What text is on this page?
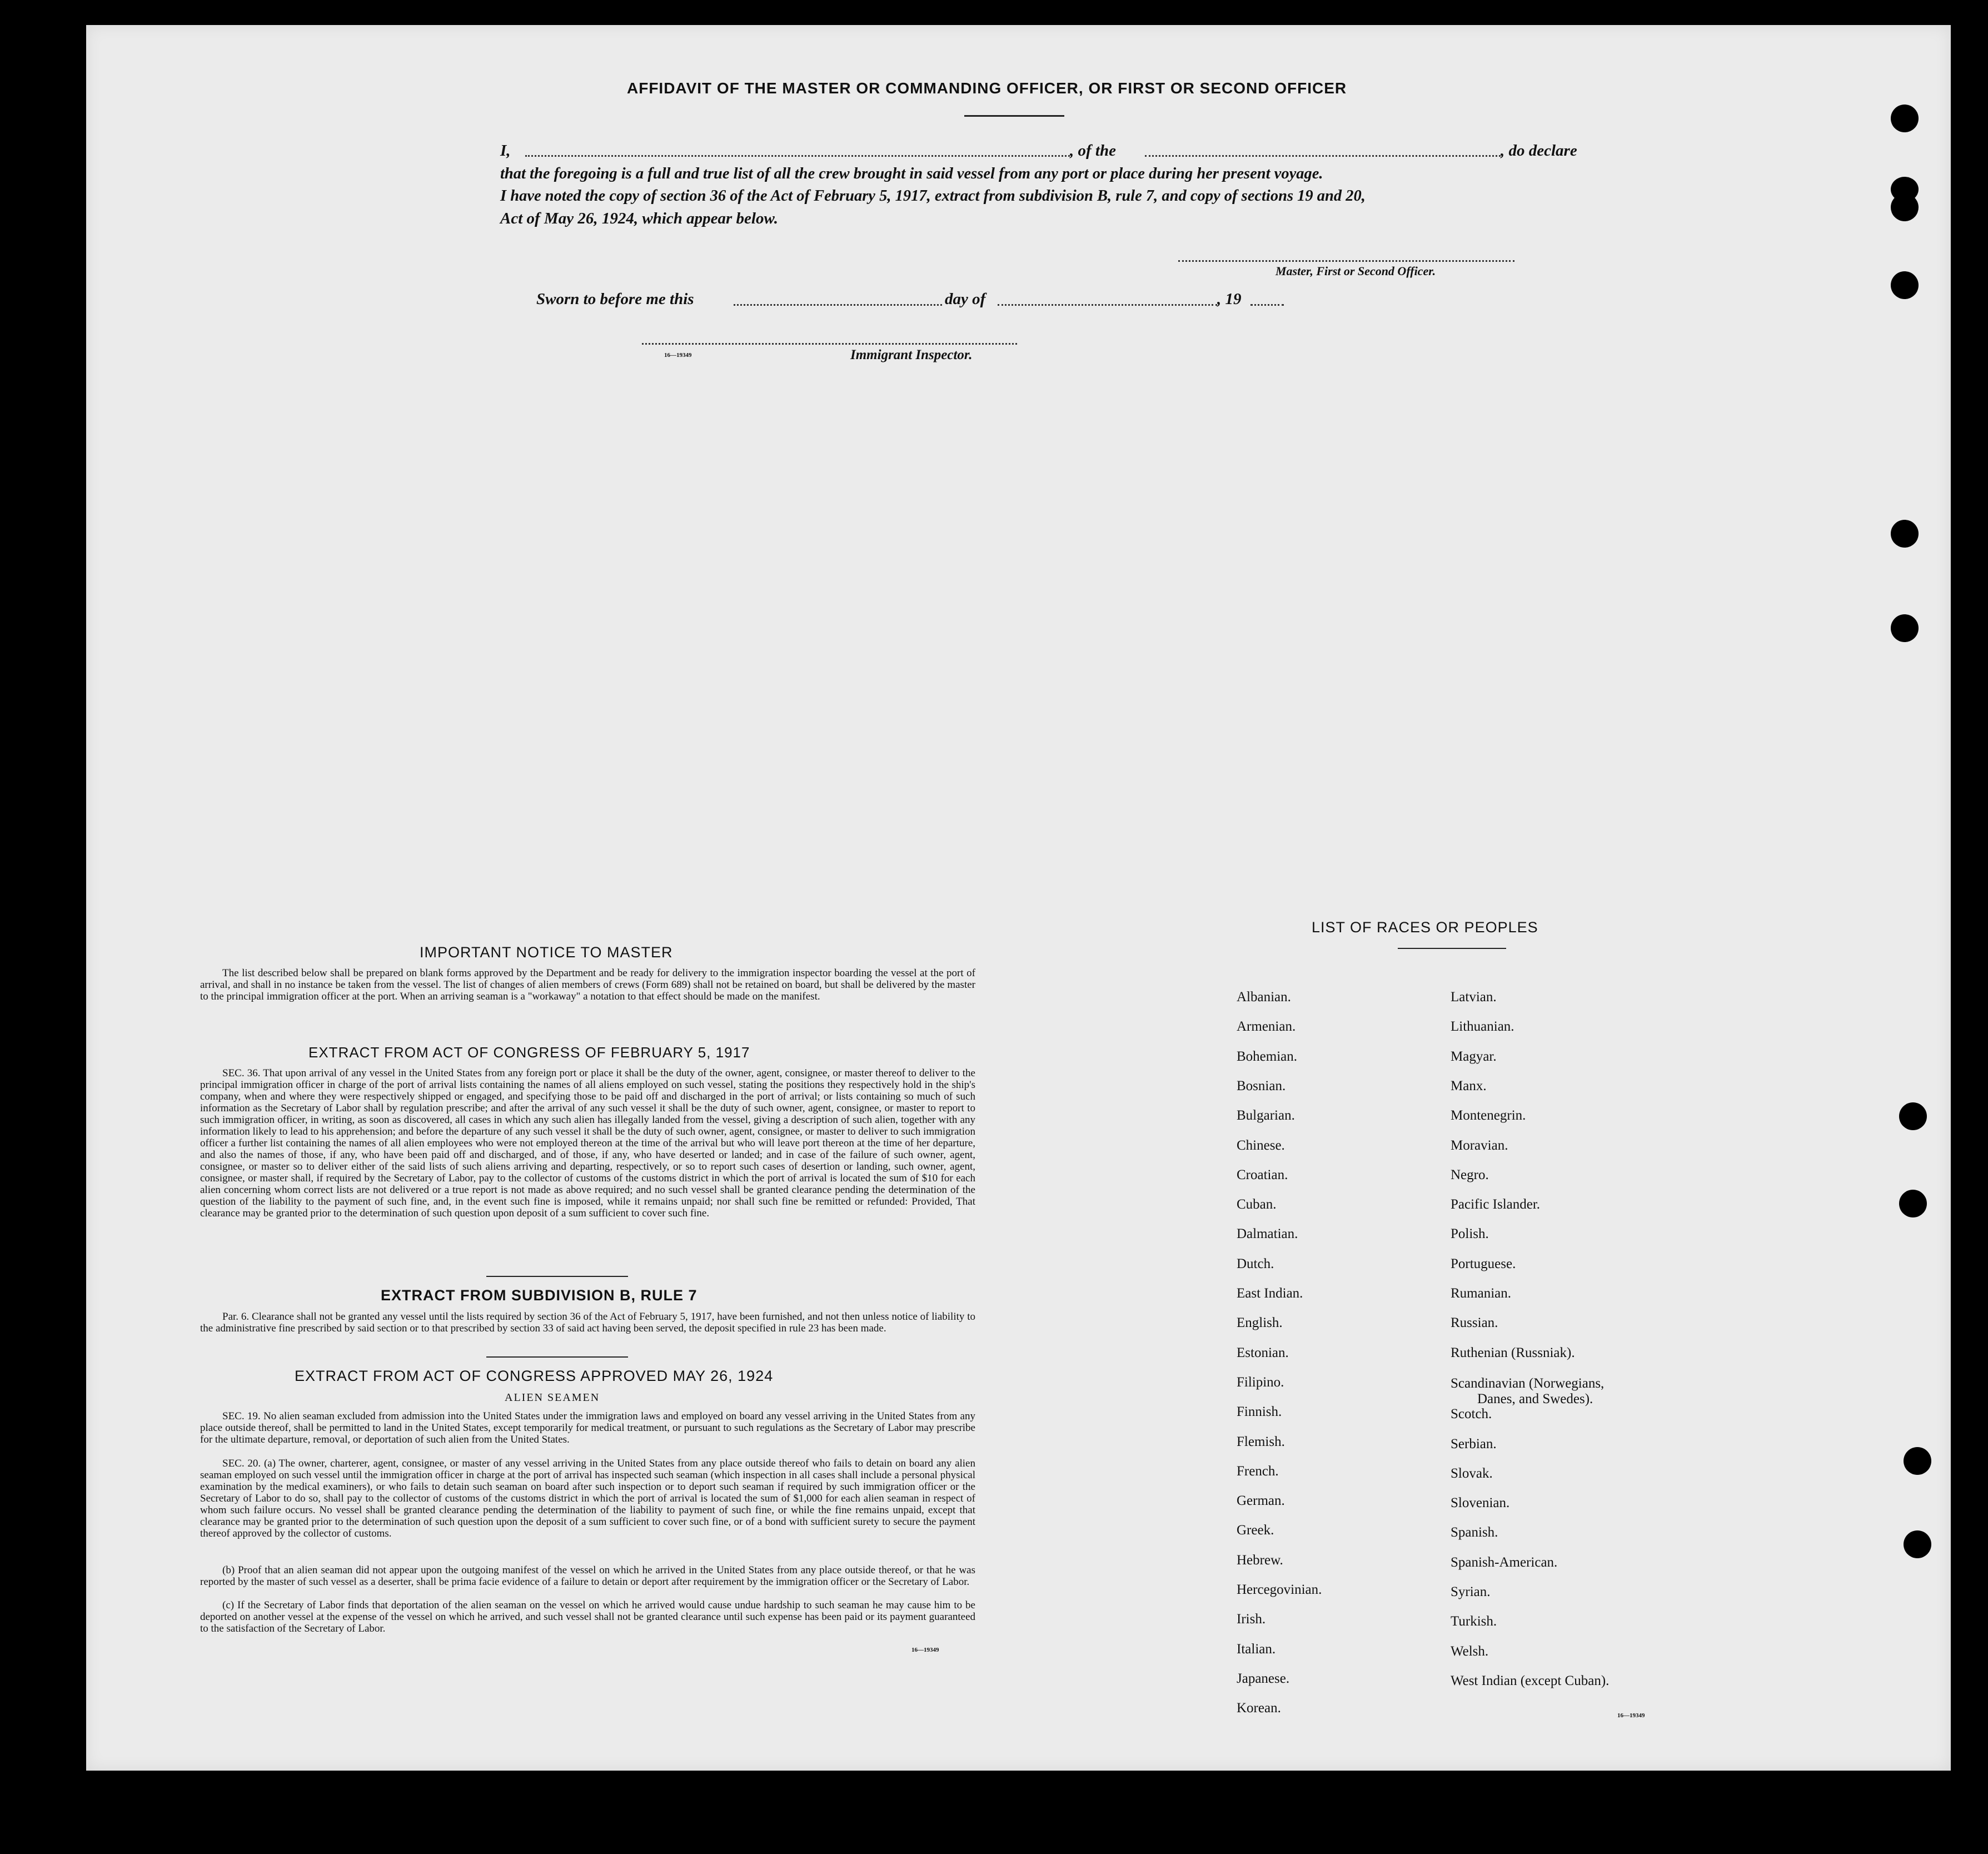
AFFIDAVIT OF THE MASTER OR COMMANDING OFFICER, OR FIRST OR SECOND OFFICER
I,	, of the	, do declare
that the foregoing is a full and true list of all the crew brought in said vessel from any port or place during her present voyage.
I have noted the copy of section 36 of the Act of February 5, 1917, extract from subdivision B, rule 7, and copy of sections 19 and 20,
Act of May 26, 1924, which appear below.
Master, First or Second Officer.
Sworn to before me this	day of	, 19
16—19349	Immigrant Inspector.
IMPORTANT NOTICE TO MASTER
The list described below shall be prepared on blank forms approved by the Department and be ready for delivery to the immigration inspector boarding the vessel at the port of arrival, and shall in no instance be taken from the vessel. The list of changes of alien members of crews (Form 689) shall not be retained on board, but shall be delivered by the master to the principal immigration officer at the port. When an arriving seaman is a "workaway" a notation to that effect should be made on the manifest.
EXTRACT FROM ACT OF CONGRESS OF FEBRUARY 5, 1917
SEC. 36. That upon arrival of any vessel in the United States from any foreign port or place it shall be the duty of the owner, agent, consignee, or master thereof to deliver to the principal immigration officer in charge of the port of arrival lists containing the names of all aliens employed on such vessel, stating the positions they respectively hold in the ship's company, when and where they were respectively shipped or engaged, and specifying those to be paid off and discharged in the port of arrival; or lists containing so much of such information as the Secretary of Labor shall by regulation prescribe; and after the arrival of any such vessel it shall be the duty of such owner, agent, consignee, or master to report to such immigration officer, in writing, as soon as discovered, all cases in which any such alien has illegally landed from the vessel, giving a description of such alien, together with any information likely to lead to his apprehension; and before the departure of any such vessel it shall be the duty of such owner, agent, consignee, or master to deliver to such immigration officer a further list containing the names of all alien employees who were not employed thereon at the time of the arrival but who will leave port thereon at the time of her departure, and also the names of those, if any, who have been paid off and discharged, and of those, if any, who have deserted or landed; and in case of the failure of such owner, agent, consignee, or master so to deliver either of the said lists of such aliens arriving and departing, respectively, or so to report such cases of desertion or landing, such owner, agent, consignee, or master shall, if required by the Secretary of Labor, pay to the collector of customs of the customs district in which the port of arrival is located the sum of $10 for each alien concerning whom correct lists are not delivered or a true report is not made as above required; and no such vessel shall be granted clearance pending the determination of the question of the liability to the payment of such fine, and, in the event such fine is imposed, while it remains unpaid; nor shall such fine be remitted or refunded: Provided, That clearance may be granted prior to the determination of such question upon deposit of a sum sufficient to cover such fine.
EXTRACT FROM SUBDIVISION B, RULE 7
Par. 6. Clearance shall not be granted any vessel until the lists required by section 36 of the Act of February 5, 1917, have been furnished, and not then unless notice of liability to the administrative fine prescribed by said section or to that prescribed by section 33 of said act having been served, the deposit specified in rule 23 has been made.
EXTRACT FROM ACT OF CONGRESS APPROVED MAY 26, 1924
ALIEN SEAMEN
SEC. 19. No alien seaman excluded from admission into the United States under the immigration laws and employed on board any vessel arriving in the United States from any place outside thereof, shall be permitted to land in the United States, except temporarily for medical treatment, or pursuant to such regulations as the Secretary of Labor may prescribe for the ultimate departure, removal, or deportation of such alien from the United States.
SEC. 20. (a) The owner, charterer, agent, consignee, or master of any vessel arriving in the United States from any place outside thereof who fails to detain on board any alien seaman employed on such vessel until the immigration officer in charge at the port of arrival has inspected such seaman (which inspection in all cases shall include a personal physical examination by the medical examiners), or who fails to detain such seaman on board after such inspection or to deport such seaman if required by such immigration officer or the Secretary of Labor to do so, shall pay to the collector of customs of the customs district in which the port of arrival is located the sum of $1,000 for each alien seaman in respect of whom such failure occurs. No vessel shall be granted clearance pending the determination of the liability to payment of such fine, or while the fine remains unpaid, except that clearance may be granted prior to the determination of such question upon the deposit of a sum sufficient to cover such fine, or of a bond with sufficient surety to secure the payment thereof approved by the collector of customs.
(b) Proof that an alien seaman did not appear upon the outgoing manifest of the vessel on which he arrived in the United States from any place outside thereof, or that he was reported by the master of such vessel as a deserter, shall be prima facie evidence of a failure to detain or deport after requirement by the immigration officer or the Secretary of Labor.
(c) If the Secretary of Labor finds that deportation of the alien seaman on the vessel on which he arrived would cause undue hardship to such seaman he may cause him to be deported on another vessel at the expense of the vessel on which he arrived, and such vessel shall not be granted clearance until such expense has been paid or its payment guaranteed to the satisfaction of the Secretary of Labor.
16—19349
LIST OF RACES OR PEOPLES
Albanian.
Armenian.
Bohemian.
Bosnian.
Bulgarian.
Chinese.
Croatian.
Cuban.
Dalmatian.
Dutch.
East Indian.
English.
Estonian.
Filipino.
Finnish.
Flemish.
French.
German.
Greek.
Hebrew.
Hercegovinian.
Irish.
Italian.
Japanese.
Korean.
Latvian.
Lithuanian.
Magyar.
Manx.
Montenegrin.
Moravian.
Negro.
Pacific Islander.
Polish.
Portuguese.
Rumanian.
Russian.
Ruthenian (Russniak).
Scandinavian (Norwegians,
Danes, and Swedes).
Scotch.
Serbian.
Slovak.
Slovenian.
Spanish.
Spanish-American.
Syrian.
Turkish.
Welsh.
West Indian (except Cuban).
16—19349
